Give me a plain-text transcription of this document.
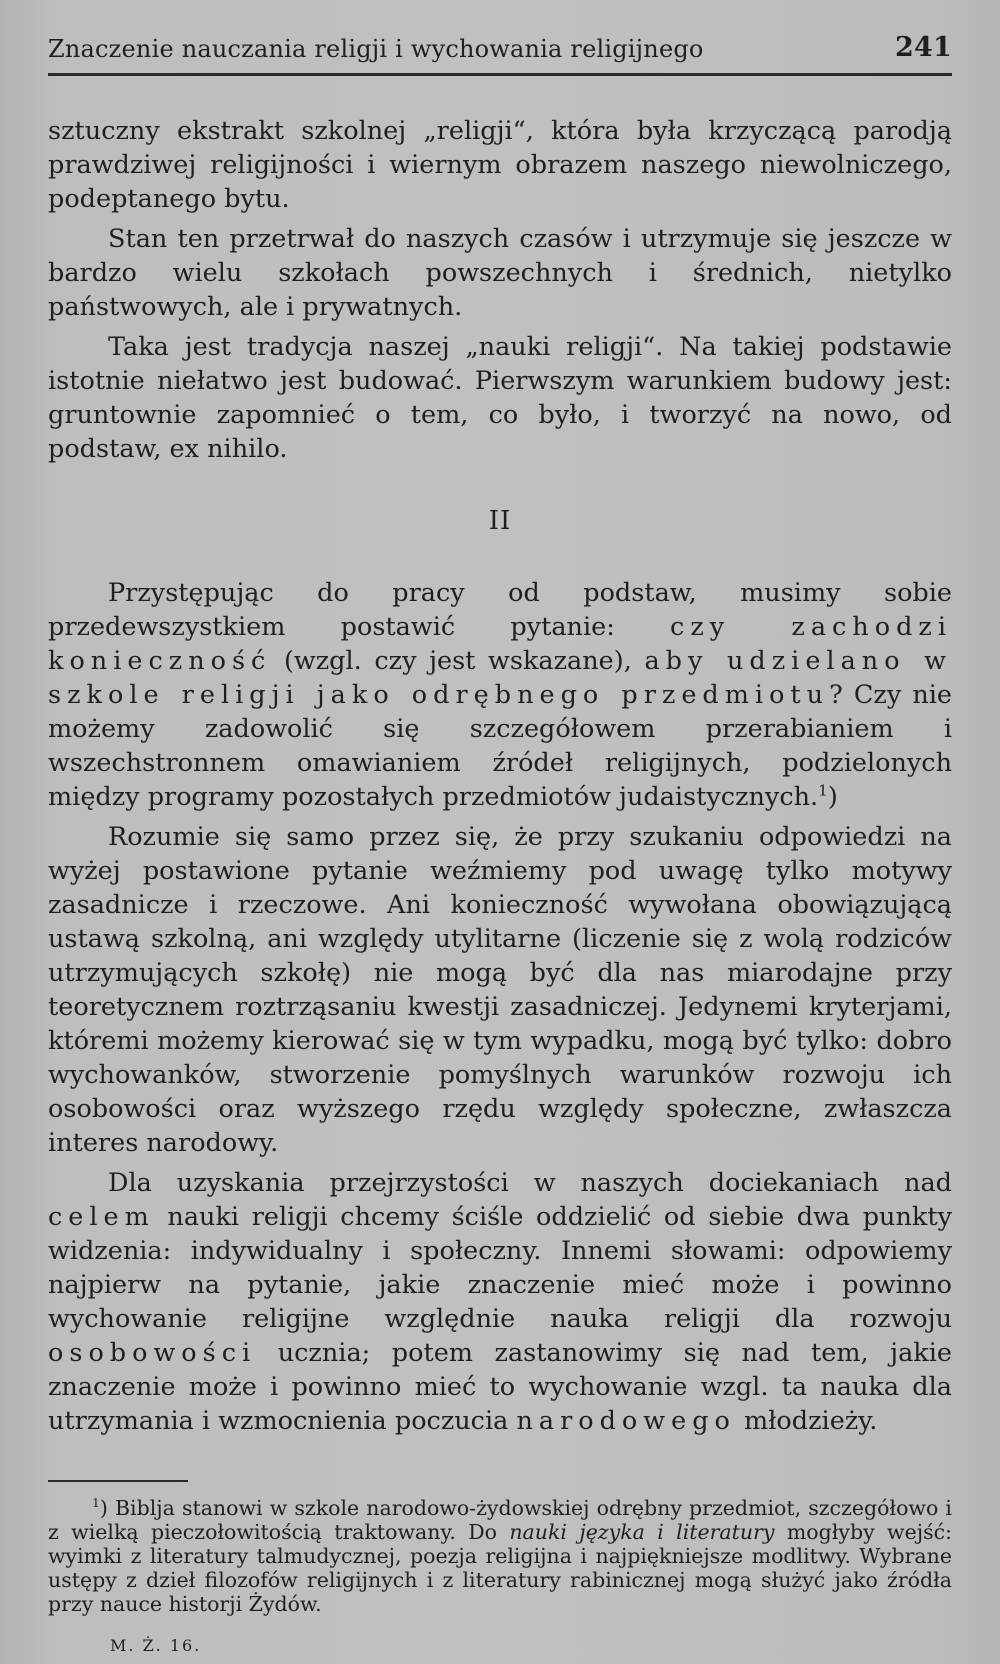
Znaczenie nauczania religji i wychowania religijnego	241

sztuczny ekstrakt szkolnej „religji“, która była krzyczącą parodją prawdziwej religijności i wiernym obrazem naszego niewolniczego, podeptanego bytu.

Stan ten przetrwał do naszych czasów i utrzymuje się jeszcze w bardzo wielu szkołach powszechnych i średnich, nietylko państwowych, ale i prywatnych.

Taka jest tradycja naszej „nauki religji“. Na takiej podstawie istotnie niełatwo jest budować. Pierwszym warunkiem budowy jest: gruntownie zapomnieć o tem, co było, i tworzyć na nowo, od podstaw, ex nihilo.

II

Przystępując do pracy od podstaw, musimy sobie przedewszystkiem postawić pytanie: czy zachodzi konieczność (wzgl. czy jest wskazane), aby udzielano w szkole religji jako odrębnego przedmiotu? Czy nie możemy zadowolić się szczegółowem przerabianiem i wszechstronnem omawianiem źródeł religijnych, podzielonych między programy pozostałych przedmiotów judaistycznych.$^1$)

Rozumie się samo przez się, że przy szukaniu odpowiedzi na wyżej postawione pytanie weźmiemy pod uwagę tylko motywy zasadnicze i rzeczowe. Ani konieczność wywołana obowiązującą ustawą szkolną, ani względy utylitarne (liczenie się z wolą rodziców utrzymujących szkołę) nie mogą być dla nas miarodajne przy teoretycznem roztrząsaniu kwestji zasadniczej. Jedynemi kryterjami, któremi możemy kierować się w tym wypadku, mogą być tylko: dobro wychowanków, stworzenie pomyślnych warunków rozwoju ich osobowości oraz wyższego rzędu względy społeczne, zwłaszcza interes narodowy.

Dla uzyskania przejrzystości w naszych dociekaniach nad celem nauki religji chcemy ściśle oddzielić od siebie dwa punkty widzenia: indywidualny i społeczny. Innemi słowami: odpowiemy najpierw na pytanie, jakie znaczenie mieć może i powinno wychowanie religijne względnie nauka religji dla rozwoju osobowości ucznia; potem zastanowimy się nad tem, jakie znaczenie może i powinno mieć to wychowanie wzgl. ta nauka dla utrzymania i wzmocnienia poczucia narodowego młodzieży.

$^1$) Biblja stanowi w szkole narodowo-żydowskiej odrębny przedmiot, szczegółowo i z wielką pieczołowitością traktowany. Do nauki języka i literatury mogłyby wejść: wyimki z literatury talmudycznej, poezja religijna i najpiękniejsze modlitwy. Wybrane ustępy z dzieł filozofów religijnych i z literatury rabinicznej mogą służyć jako źródła przy nauce historji Żydów.

M. Ż. 16.
